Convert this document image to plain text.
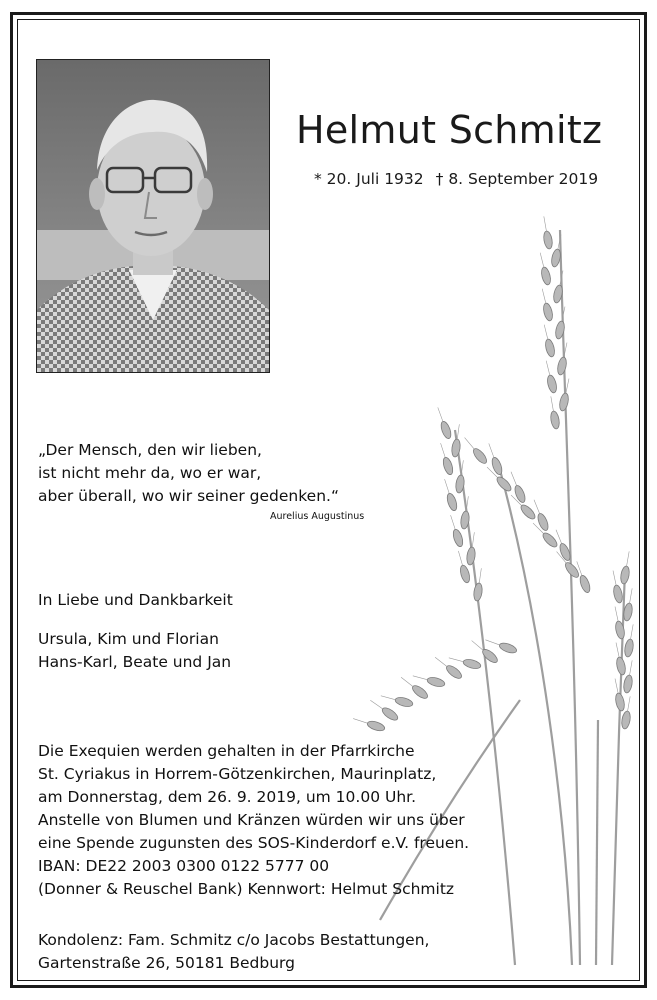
Helmut Schmitz
* 20. Juli 1932 † 8. September 2019
„Der Mensch, den wir lieben,
ist nicht mehr da, wo er war,
aber überall, wo wir seiner gedenken.“
Aurelius Augustinus
In Liebe und Dankbarkeit
Ursula, Kim und Florian
Hans-Karl, Beate und Jan
Die Exequien werden gehalten in der Pfarrkirche
St. Cyriakus in Horrem-Götzenkirchen, Maurinplatz,
am Donnerstag, dem 26. 9. 2019, um 10.00 Uhr.
Anstelle von Blumen und Kränzen würden wir uns über
eine Spende zugunsten des SOS-Kinderdorf e.V. freuen.
IBAN: DE22 2003 0300 0122 5777 00
(Donner & Reuschel Bank) Kennwort: Helmut Schmitz
Kondolenz: Fam. Schmitz c/o Jacobs Bestattungen,
Gartenstraße 26, 50181 Bedburg
